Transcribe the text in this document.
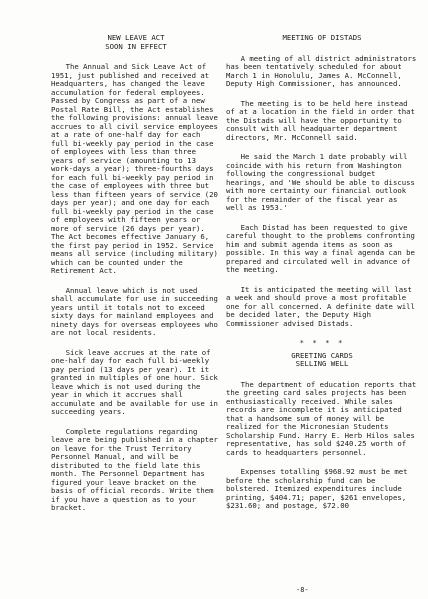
NEW LEAVE ACT

SOON IN EFFECT

The Annual and Sick Leave Act of 1951, just published and received at Headquarters, has changed the leave accumulation for federal employees. Passed by Congress as part of a new Postal Rate Bill, the Act establishes the following provisions: annual leave accrues to all civil service employees at a rate of one-half day for each full bi-weekly pay period in the case of employees with less than three years of service (amounting to 13 work-days a year); three-fourths days for each full bi-weekly pay period in the case of employees with three but less than fifteen years of service (20 days per year); and one day for each full bi-weekly pay period in the case of employees with fifteen years or more of service (26 days per year). The Act becomes effective January 6, the first pay period in 1952. Service means all service (including military) which can be counted under the Retirement Act.

Annual leave which is not used shall accumulate for use in succeeding years until it totals not to exceed sixty days for mainland employees and ninety days for overseas employees who are not local residents.

Sick leave accrues at the rate of one-half day for each full bi-weekly pay period (13 days per year). It it granted in multiples of one hour. Sick leave which is not used during the year in which it accrues shall accumulate and be available for use in succeeding years.

Complete regulations regarding leave are being published in a chapter on leave for the Trust Territory Personnel Manual, and will be distributed to the field late this month. The Personnel Department has figured your leave bracket on the basis of official records. Write them if you have a question as to your bracket.

MEETING OF DISTADS

A meeting of all district administrators has been tentatively scheduled for about March 1 in Honolulu, James A. McConnell, Deputy High Commissioner, has announced.

The meeting is to be held here instead of at a location in the field in order that the Distads will have the opportunity to consult with all headquarter department directors, Mr. McConnell said.

He said the March 1 date probably will coincide with his return from Washington following the congressional budget hearings, and 'We should be able to discuss with more certainty our financial outlook for the remainder of the fiscal year as well as 1953.'

Each Distad has been requested to give careful thought to the problems confronting him and submit agenda items as soon as possible. In this way a final agenda can be prepared and circulated well in advance of the meeting.

It is anticipated the meeting will last a week and should prove a most profitable one for all concerned. A definite date will be decided later, the Deputy High Commissioner advised Distads.

* * * *

GREETING CARDS

SELLING WELL

The department of education reports that the greeting card sales projects has been enthusiastically received. While sales records are incomplete it is anticipated that a handsome sum of money will be realized for the Micronesian Students Scholarship Fund. Harry E. Herb Hilos sales representative, has sold $240.25 worth of cards to headquarters personnel.

Expenses totalling $968.92 must be met before the scholarship fund can be bolstered. Itemized expenditures include printing, $404.71; paper, $261 envelopes, $231.60; and postage, $72.00

-8-
